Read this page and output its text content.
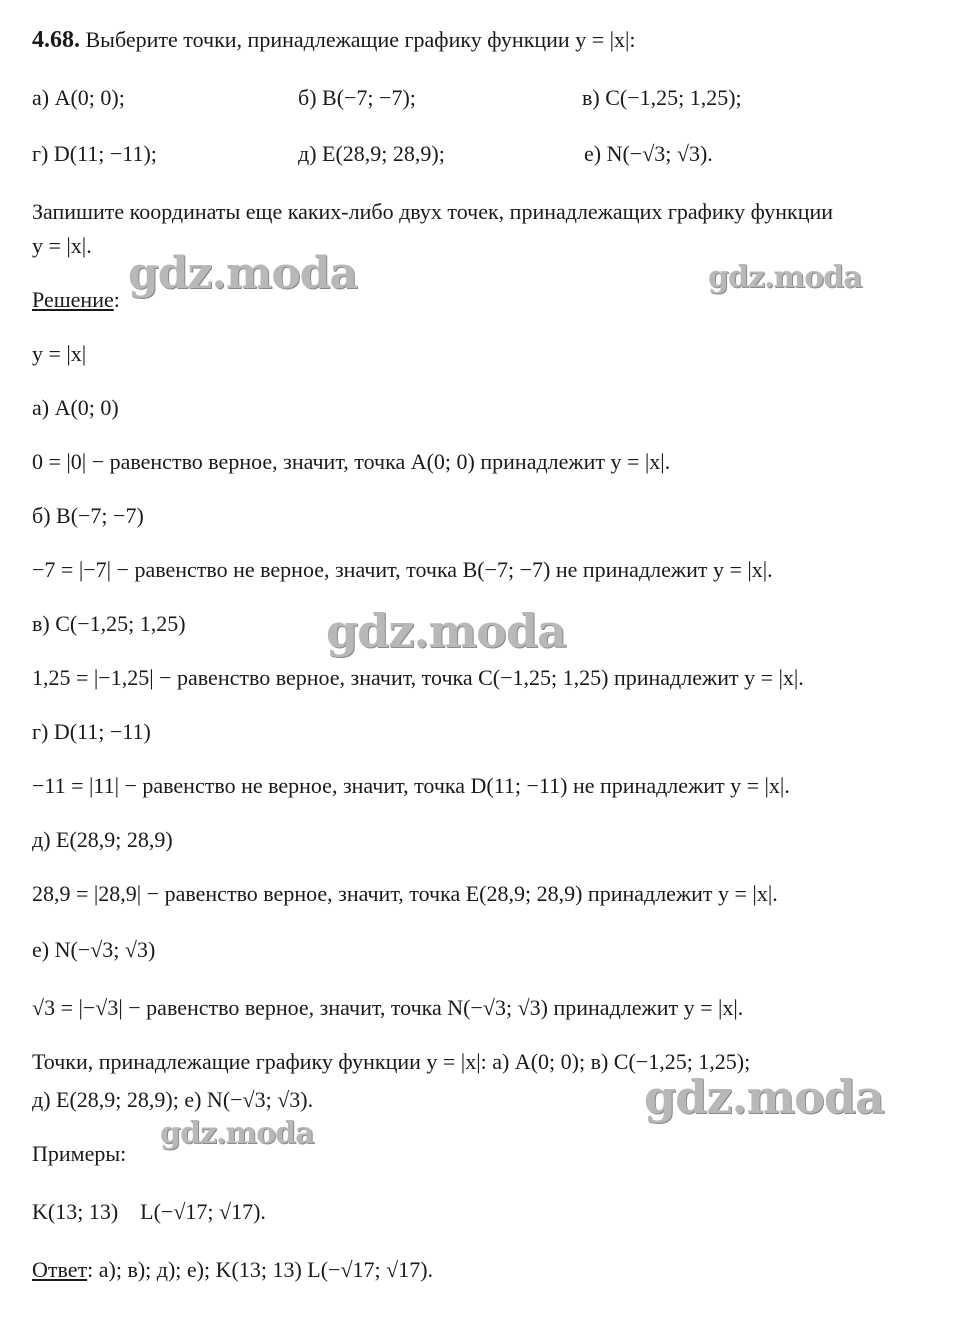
4.68. Выберите точки, принадлежащие графику функции y = |x|:
а) A(0; 0);	б) B(−7; −7);	в) C(−1,25; 1,25);
г) D(11; −11);	д) E(28,9; 28,9);	е) N(−√3; √3).
Запишите координаты еще каких-либо двух точек, принадлежащих графику функции
y = |x|.
Решение:
y = |x|
а) A(0; 0)
0 = |0| − равенство верное, значит, точка A(0; 0) принадлежит y = |x|.
б) B(−7; −7)
−7 = |−7| − равенство не верное, значит, точка B(−7; −7) не принадлежит y = |x|.
в) C(−1,25; 1,25)
1,25 = |−1,25| − равенство верное, значит, точка C(−1,25; 1,25) принадлежит y = |x|.
г) D(11; −11)
−11 = |11| − равенство не верное, значит, точка D(11; −11) не принадлежит y = |x|.
д) E(28,9; 28,9)
28,9 = |28,9| − равенство верное, значит, точка E(28,9; 28,9) принадлежит y = |x|.
е) N(−√3; √3)
√3 = |−√3| − равенство верное, значит, точка N(−√3; √3) принадлежит y = |x|.
Точки, принадлежащие графику функции y = |x|: а) A(0; 0); в) C(−1,25; 1,25);
д) E(28,9; 28,9); е) N(−√3; √3).
Примеры:
K(13; 13) L(−√17; √17).
Ответ: а); в); д); е); K(13; 13) L(−√17; √17).
gdz.moda	gdz.moda
gdz.moda
gdz.moda
gdz.moda
